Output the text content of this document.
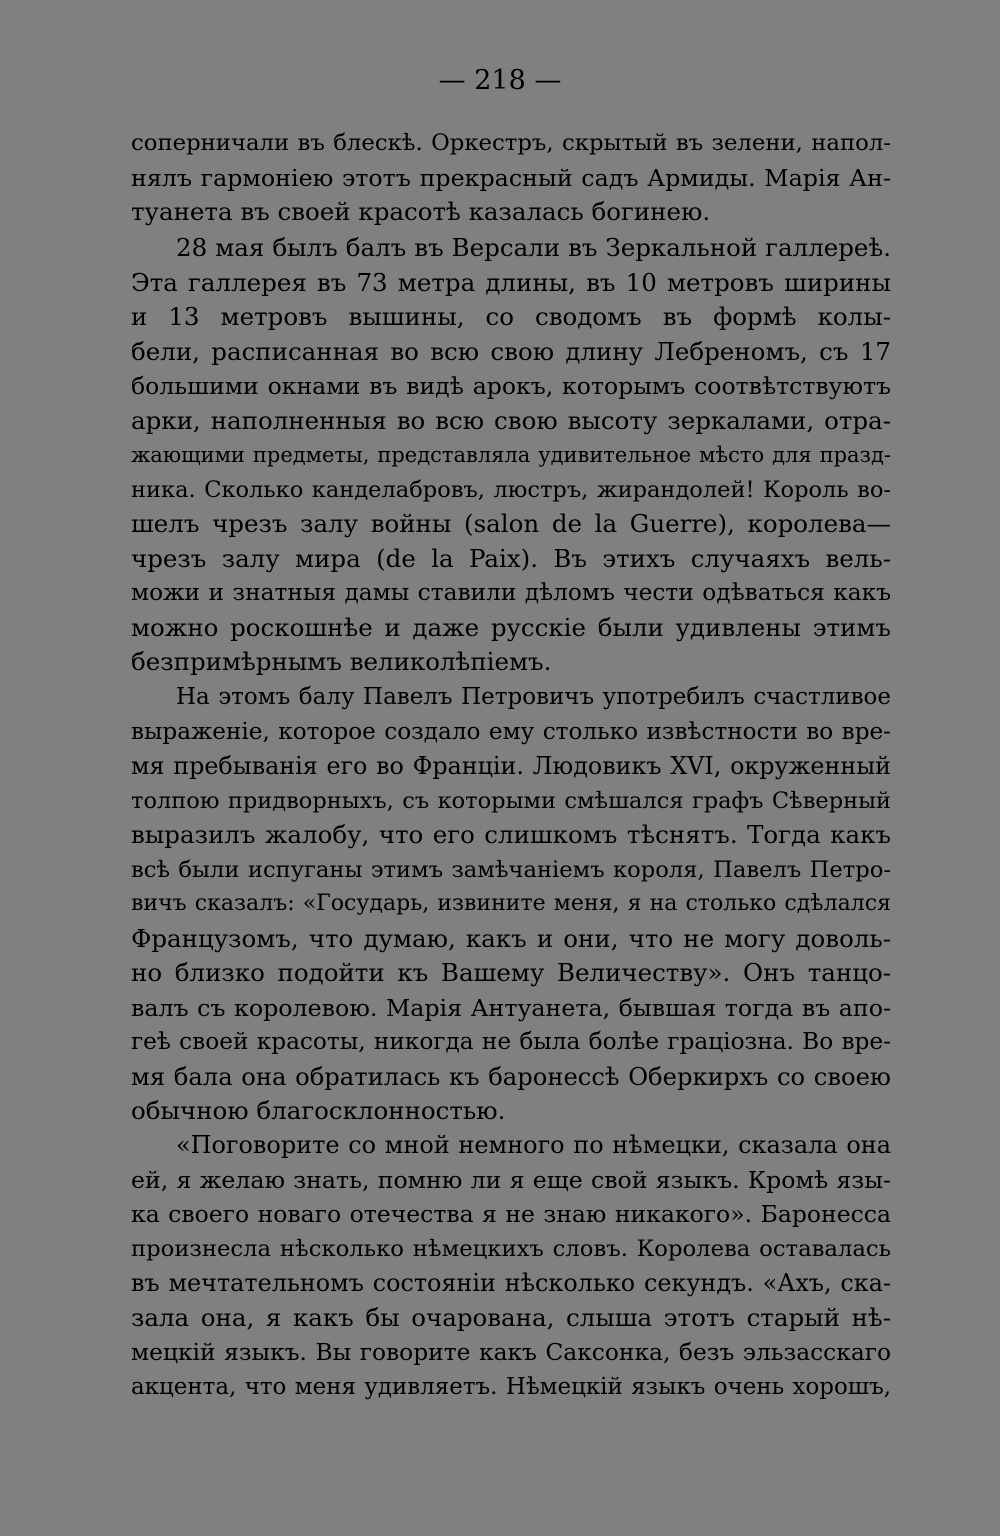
— 218 —
соперничали въ блескѣ. Оркестръ, скрытый въ зелени, напол-
нялъ гармоніею этотъ прекрасный садъ Армиды. Марія Ан-
туанета въ своей красотѣ казалась богинею.
28 мая былъ балъ въ Версали въ Зеркальной галлереѣ.
Эта галлерея въ 73 метра длины, въ 10 метровъ ширины
и 13 метровъ вышины, со сводомъ въ формѣ колы-
бели, расписанная во всю свою длину Лебреномъ, съ 17
большими окнами въ видѣ арокъ, которымъ соотвѣтствуютъ
арки, наполненныя во всю свою высоту зеркалами, отра-
жающими предметы, представляла удивительное мѣсто для празд-
ника. Сколько канделабровъ, люстръ, жирандолей! Король во-
шелъ чрезъ залу войны (salon de la Guerre), королева—
чрезъ залу мира (de la Paix). Въ этихъ случаяхъ вель-
можи и знатныя дамы ставили дѣломъ чести одѣваться какъ
можно роскошнѣе и даже русскіе были удивлены этимъ
безпримѣрнымъ великолѣпіемъ.
На этомъ балу Павелъ Петровичъ употребилъ счастливое
выраженіе, которое создало ему столько извѣстности во вре-
мя пребыванія его во Франціи. Людовикъ XVI, окруженный
толпою придворныхъ, съ которыми смѣшался графъ Сѣверный
выразилъ жалобу, что его слишкомъ тѣснятъ. Тогда какъ
всѣ были испуганы этимъ замѣчаніемъ короля, Павелъ Петро-
вичъ сказалъ: «Государь, извините меня, я на столько сдѣлался
Французомъ, что думаю, какъ и они, что не могу доволь-
но близко подойти къ Вашему Величеству». Онъ танцо-
валъ съ королевою. Марія Антуанета, бывшая тогда въ апо-
геѣ своей красоты, никогда не была болѣе граціозна. Во вре-
мя бала она обратилась къ баронессѣ Оберкирхъ со своею
обычною благосклонностью.
«Поговорите со мной немного по нѣмецки, сказала она
ей, я желаю знать, помню ли я еще свой языкъ. Кромѣ язы-
ка своего новаго отечества я не знаю никакого». Баронесса
произнесла нѣсколько нѣмецкихъ словъ. Королева оставалась
въ мечтательномъ состояніи нѣсколько секундъ. «Ахъ, ска-
зала она, я какъ бы очарована, слыша этотъ старый нѣ-
мецкій языкъ. Вы говорите какъ Саксонка, безъ эльзасскаго
акцента, что меня удивляетъ. Нѣмецкій языкъ очень хорошъ,
